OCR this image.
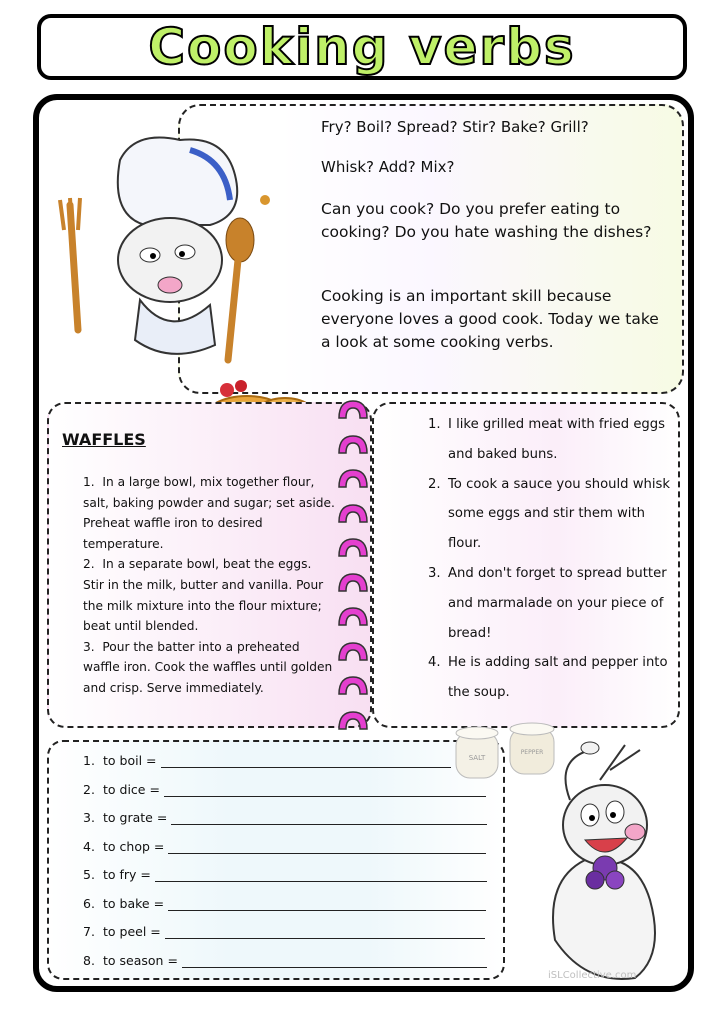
Cooking verbs
Fry? Boil? Spread? Stir? Bake? Grill?
Whisk? Add? Mix?
Can you cook? Do you prefer eating to cooking? Do you hate washing the dishes?
Cooking is an important skill because everyone loves a good cook. Today we take a look at some cooking verbs.
WAFFLES
1. In a large bowl, mix together flour, salt, baking powder and sugar; set aside. Preheat waffle iron to desired temperature.
2. In a separate bowl, beat the eggs. Stir in the milk, butter and vanilla. Pour the milk mixture into the flour mixture; beat until blended.
3. Pour the batter into a preheated waffle iron. Cook the waffles until golden and crisp. Serve immediately.
1. I like grilled meat with fried eggs and baked buns.
2. To cook a sauce you should whisk some eggs and stir them with flour.
3. And don't forget to spread butter and marmalade on your piece of bread!
4. He is adding salt and pepper into the soup.
1. to boil =
2. to dice =
3. to grate =
4. to chop =
5. to fry =
6. to bake =
7. to peel =
8. to season =
SALT
PEPPER
iSLCollective.com
